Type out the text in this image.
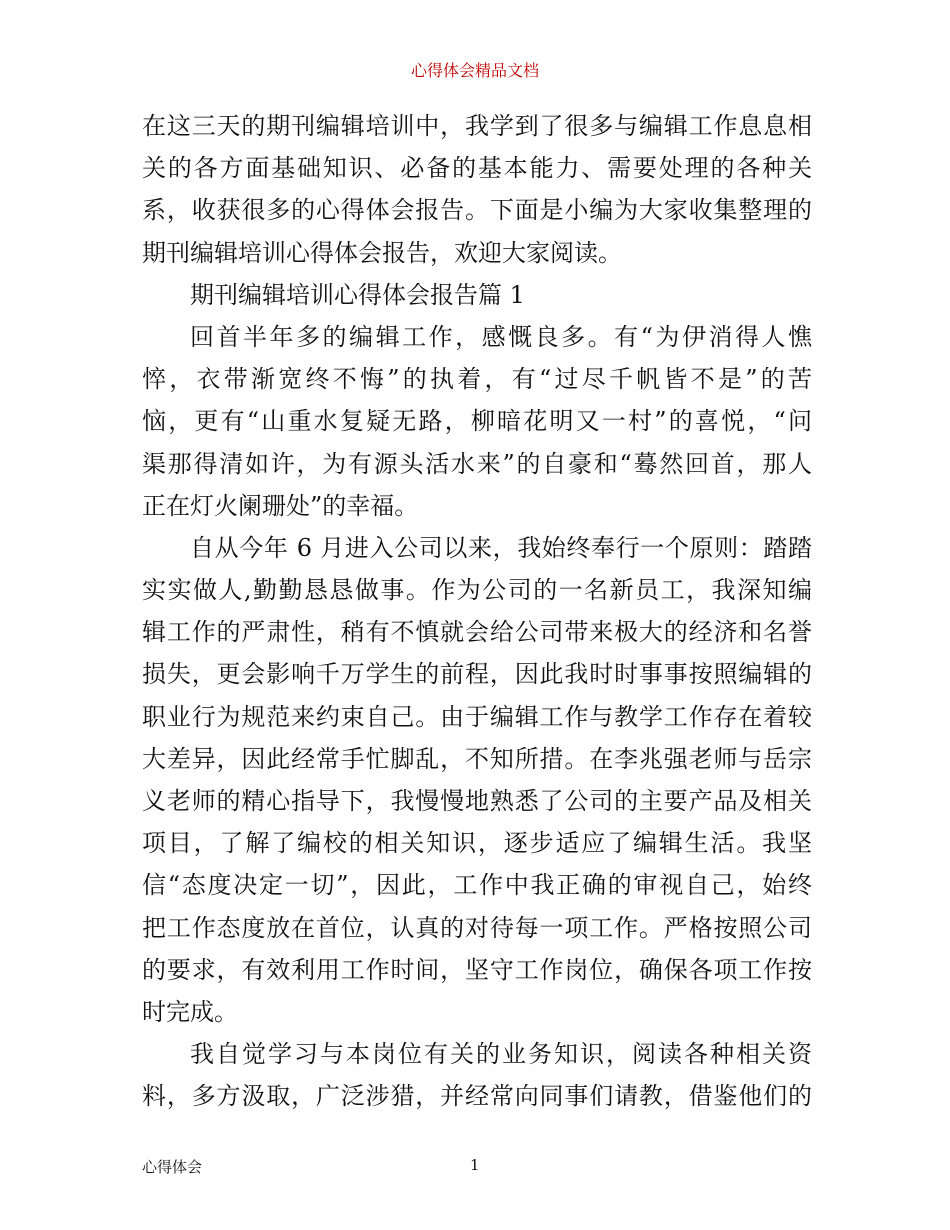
心得体会精品文档
在这三天的期刊编辑培训中，我学到了很多与编辑工作息息相
关的各方面基础知识、必备的基本能力、需要处理的各种关
系，收获很多的心得体会报告。下面是小编为大家收集整理的
期刊编辑培训心得体会报告，欢迎大家阅读。
期刊编辑培训心得体会报告篇 1
回首半年多的编辑工作，感慨良多。有“为伊消得人憔
悴，衣带渐宽终不悔”的执着，有“过尽千帆皆不是”的苦
恼，更有“山重水复疑无路，柳暗花明又一村”的喜悦，“问
渠那得清如许，为有源头活水来”的自豪和“蓦然回首，那人
正在灯火阑珊处”的幸福。
自从今年 6 月进入公司以来，我始终奉行一个原则：踏踏
实实做人,勤勤恳恳做事。作为公司的一名新员工，我深知编
辑工作的严肃性，稍有不慎就会给公司带来极大的经济和名誉
损失，更会影响千万学生的前程，因此我时时事事按照编辑的
职业行为规范来约束自己。由于编辑工作与教学工作存在着较
大差异，因此经常手忙脚乱，不知所措。在李兆强老师与岳宗
义老师的精心指导下，我慢慢地熟悉了公司的主要产品及相关
项目，了解了编校的相关知识，逐步适应了编辑生活。我坚
信“态度决定一切”，因此，工作中我正确的审视自己，始终
把工作态度放在首位，认真的对待每一项工作。严格按照公司
的要求，有效利用工作时间，坚守工作岗位，确保各项工作按
时完成。
我自觉学习与本岗位有关的业务知识，阅读各种相关资
料，多方汲取，广泛涉猎，并经常向同事们请教，借鉴他们的
心得体会	1
